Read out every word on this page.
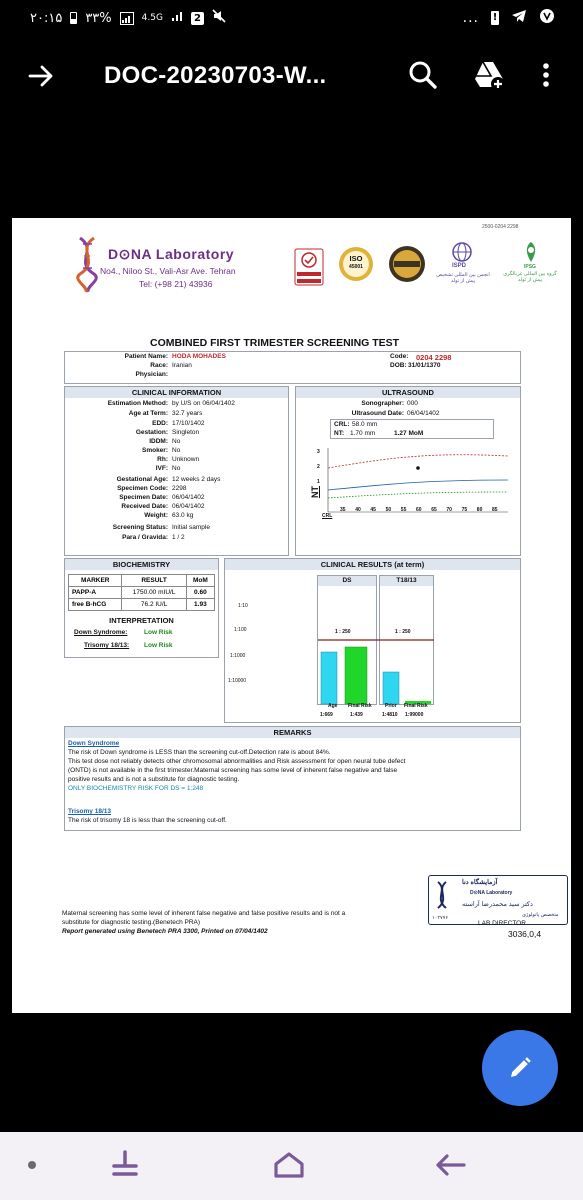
۲۰:۱۵ ۳۳%	4.5G	2	... !
DOC-20230703-W...
2500-0204 2298
D⊙NA Laboratory
No4., Niloo St., Vali-Asr Ave. Tehran
Tel: (+98 21) 43936
ISO
45001	ISPD
انجمن بین المللی تشخیص پیش از تولد
IPSG
گروه بین المللی غربالگری پیش از تولد
COMBINED FIRST TRIMESTER SCREENING TEST
Patient Name: HODA MOHADES
Race: Iranian
Physician:
Code: 0204 2298
DOB: 31/01/1370
CLINICAL INFORMATION	ULTRASOUND
Sonographer: 000
Ultrasound Date: 06/04/1402
CRL: 58.0 mm
NT: 1.70 mm	1.27 MoM
3
2
1
NT
CRL
BIOCHEMISTRY
MARKER	RESULT	MoM
PAPP-A	1750.00 mIU/L	0.60
free B-hCG	76.2 IU/L	1.93
INTERPRETATION
Down Syndrome:	Low Risk
Trisomy 18/13: Low Risk
CLINICAL RESULTS (at term)
DS	T18/13
1:10
1:100
1:1000
1:10000
1 : 250	1 : 250
Age Final Risk	Prior Final Risk
1:669	1:439	1:4810 1:99000
REMARKS
Down Syndrome
The risk of Down syndrome is LESS than the screening cut-off.Detection rate is about 84%.
This test dose not reliably detects other chromosomal abnormalities and Risk assessment for open neural tube defect
(ONTD) is not available in the first trimester.Maternal screening has some level of inherent false negative and false
positive results and is not a substitute for diagnostic testing.
ONLY BIOCHEMISTRY RISK FOR DS = 1:248
Trisomy 18/13
The risk of trisomy 18 is less than the screening cut-off.
Maternal screening has some level of inherent false negative and false positive results and is not a
substitute for diagnostic testing.(Benetech PRA)
Report generated using Benetech PRA 3300, Printed on 07/04/1402
آزمایشگاه دنا
D⊙NA Laboratory
دکتر سید محمدرضا آراسته
متخصص پاتولوژی
۱۰۲۷۷۶
LAB DIRECTOR
3036,0,4
Estimation Method: by U/S on 06/04/1402
Age at Term: 32.7 years
EDD: 17/10/1402
Gestation: Singleton
IDDM: No
Smoker: No
Rh: Unknown
IVF: No
Gestational Age: 12 weeks 2 days
Specimen Code: 2298
Specimen Date: 06/04/1402
Received Date: 06/04/1402
Weight: 63.0 kg
Screening Status: Initial sample
Para / Gravida: 1 / 2
35 40 45 50 55 60 65 70 75 80 85
0
